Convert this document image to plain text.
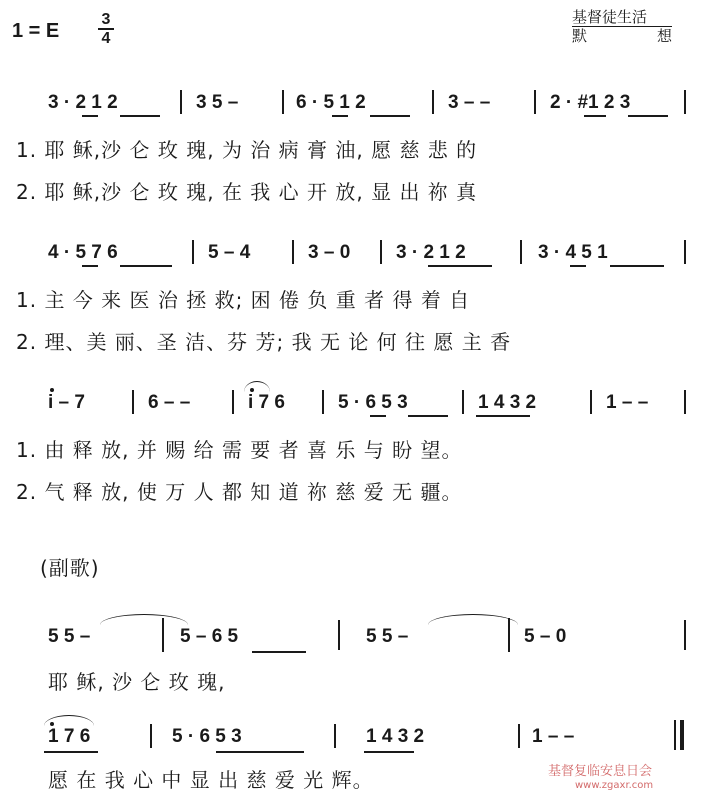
1 = E
3
4
基督徒生活
默	想
3 · 2 1 2	3 5 –	6 · 5 1 2	3 – –	2 · #1 2 3
1. 耶 稣,沙 仑 玫 瑰, 为 治 病 膏 油, 愿 慈 悲 的
2. 耶 稣,沙 仑 玫 瑰, 在 我 心 开 放, 显 出 祢 真
4 · 5 7 6	5 – 4	3 – 0 3 · 2 1 2	3 · 4 5 1
1. 主 今 来 医 治 拯 救; 困 倦 负 重 者 得 着 自
2. 理、美 丽、圣 洁、芬 芳; 我 无 论 何 往 愿 主 香
i – 7	6 – –	i 7 6	5 · 6 5 3	1 4 3 2	1 – –
1. 由 释 放, 并 赐 给 需 要 者 喜 乐 与 盼 望。
2. 气 释 放, 使 万 人 都 知 道 祢 慈 爱 无 疆。
(副歌)
5 5 –	5 – 6 5	5 5 –	5 – 0
耶 稣, 沙 仑 玫 瑰,
1 7 6	5 · 6 5 3	1 4 3 2	1 – –
愿 在 我 心 中 显 出 慈 爱 光 辉。	基督复临安息日会
www.zgaxr.com
